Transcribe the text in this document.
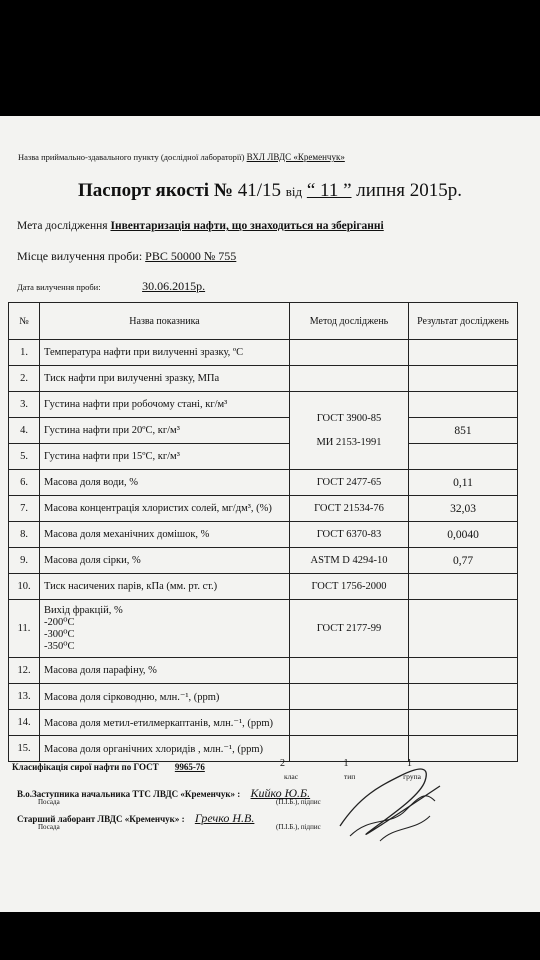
Назва приймально-здавального пункту (дослідної лабораторії) ВХЛ ЛВДС «Кременчук»
Паспорт якості № 41/15 від “ 11 ” липня 2015р.
Мета дослідження Інвентаризація нафти, що знаходиться на зберіганні
Місце вилучення проби: РВС 50000 № 755
Дата вилучення проби:	30.06.2015р.
№	Назва показника	Метод досліджень	Результат досліджень
1.	Температура нафти при вилученні зразку, ºC		
2.	Тиск нафти при вилученні зразку, МПа		
3.	Густина нафти при робочому стані, кг/м³	ГОСТ 3900-85
МИ 2153-1991	

4.	Густина нафти при 20ºC, кг/м³		851
5.	Густина нафти при 15ºC, кг/м³		
6.	Масова доля води, %	ГОСТ 2477-65	0,11
7.	Масова концентрація хлористих солей, мг/дм³, (%)	ГОСТ 21534-76	32,03
8.	Масова доля механічних домішок, %	ГОСТ 6370-83	0,0040
9.	Масова доля сірки, %	ASTM D 4294-10	0,77
10.	Тиск насичених парів, кПа (мм. рт. ст.)	ГОСТ 1756-2000	
11.	Вихід фракцій, %
-200⁰C
-300⁰C
-350⁰C	ГОСТ 2177-99	
12.	Масова доля парафіну, %		
13.	Масова доля сірководню, млн.⁻¹, (ppm)		
14.	Масова доля метил-етилмеркаптанів, млн.⁻¹, (ppm)		
15.	Масова доля органічних хлоридів , млн.⁻¹, (ppm)		
Класифікація сирої нафти по ГОСТ 9965-76	2	1	1
клас	тип	група
В.о.Заступника начальника ТТС ЛВДС «Кременчук» : Кийко Ю.Б.
Посада	(П.І.Б.), підпис
Старший лаборант ЛВДС «Кременчук» : Гречко Н.В.
Посада	(П.І.Б.), підпис
